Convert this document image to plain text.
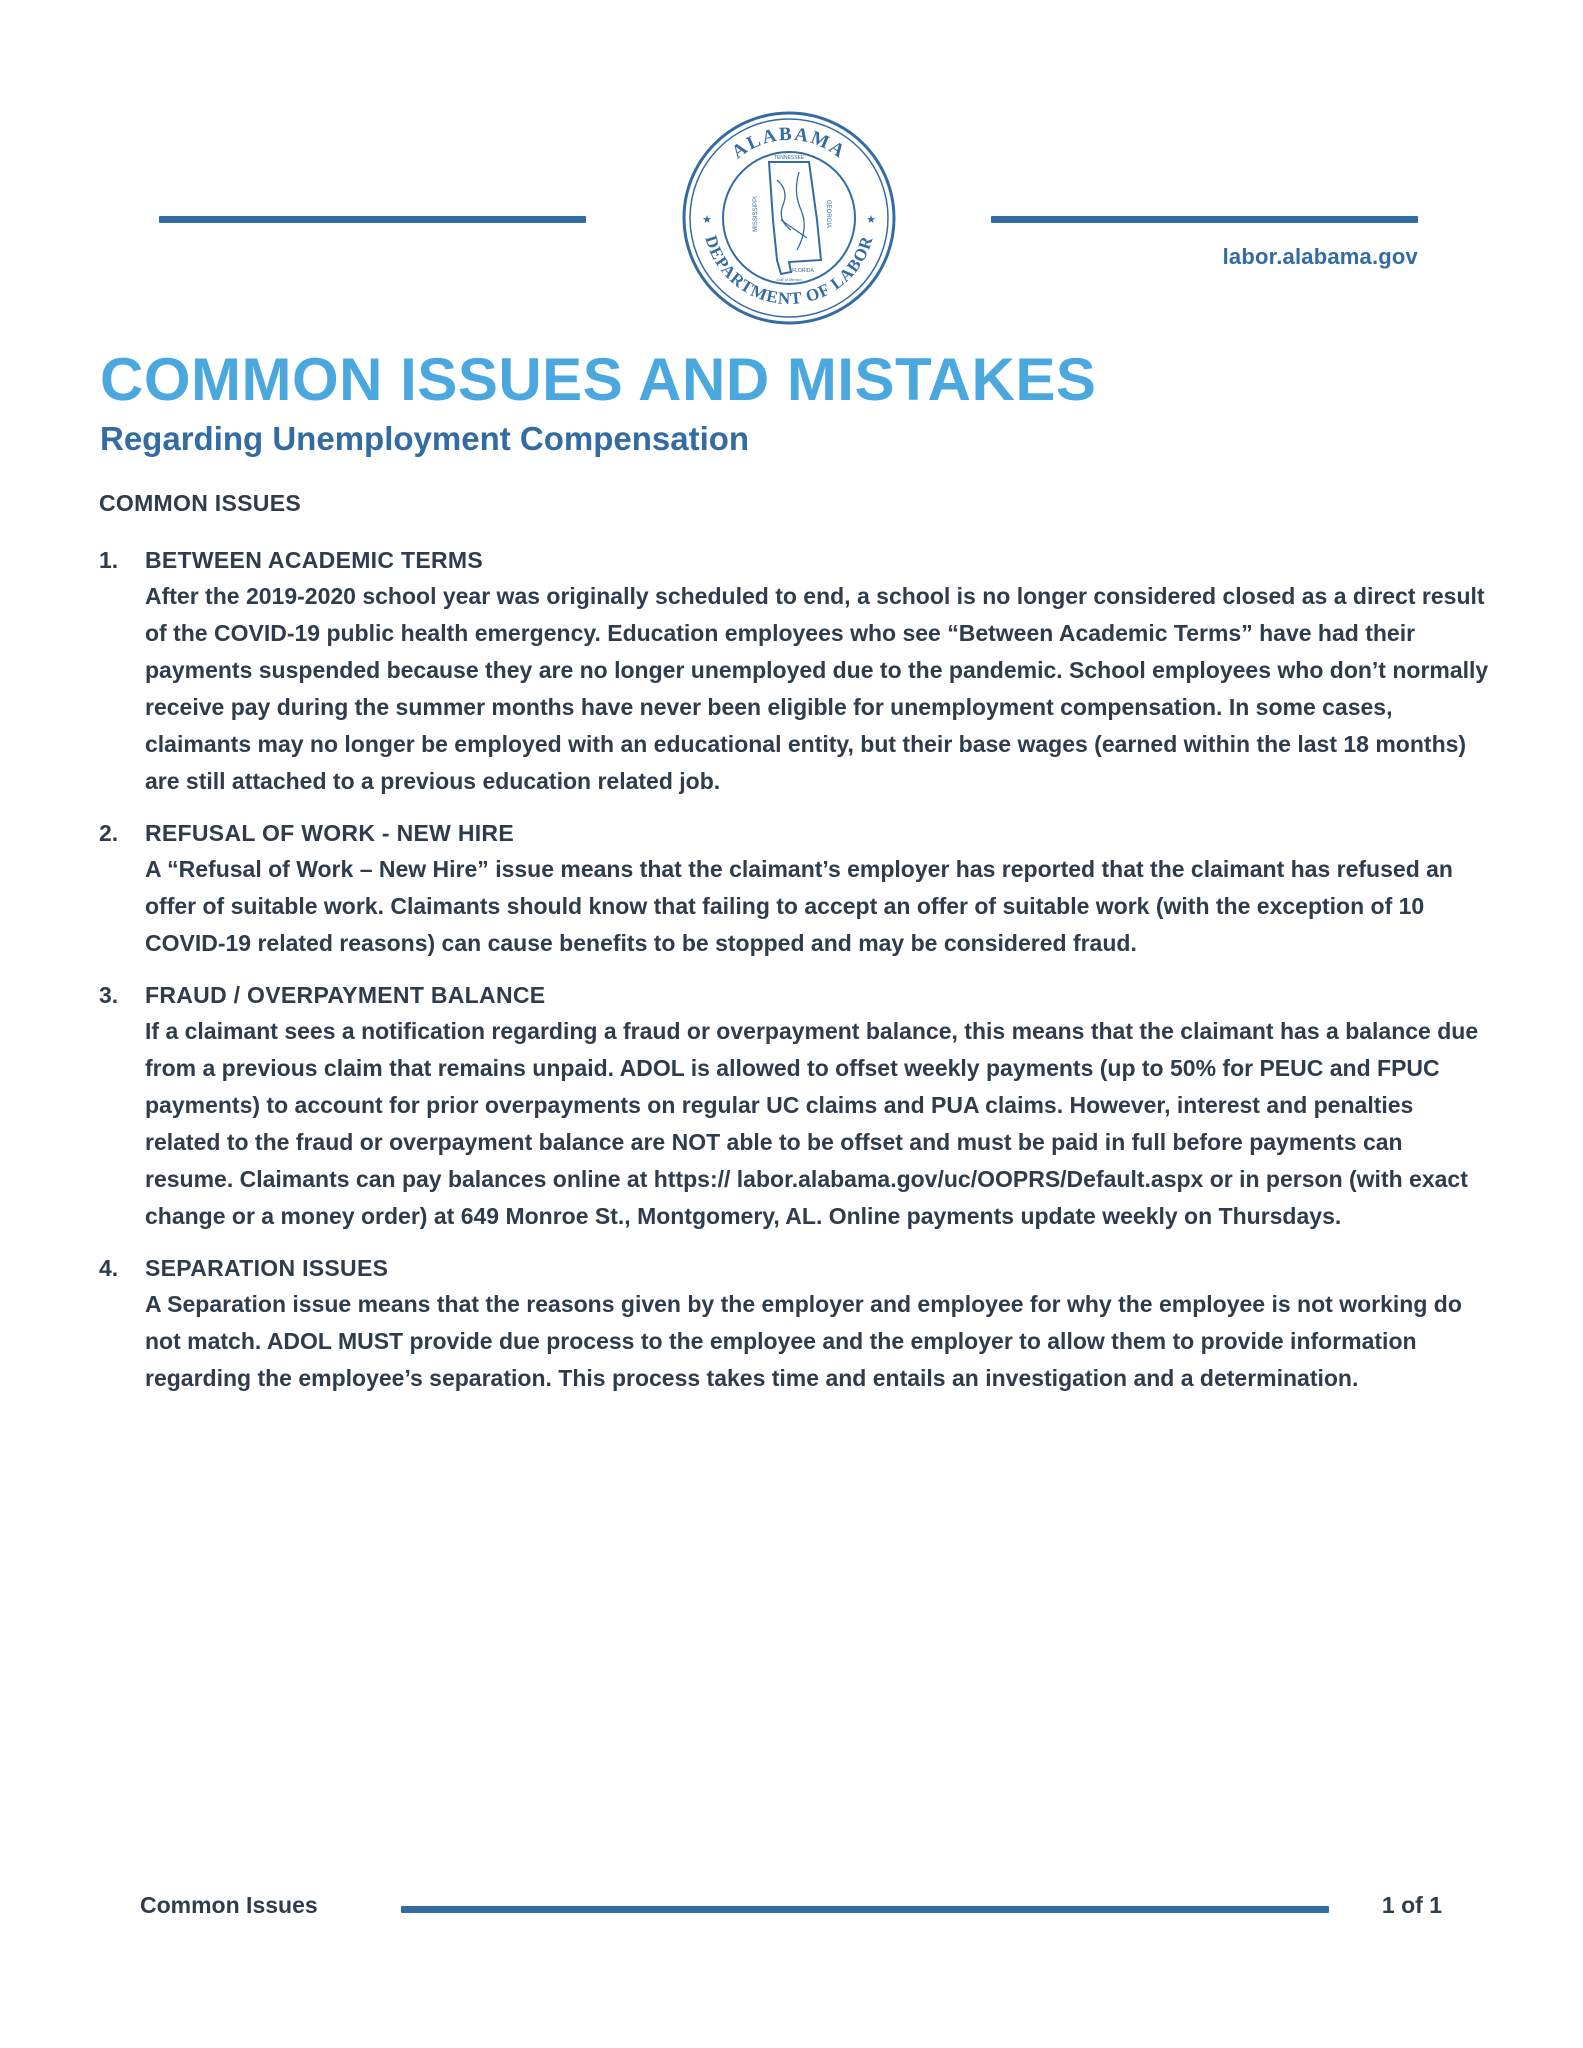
ALABAMA
DEPARTMENT OF LABOR
★	★
TENNESSEE
MISSISSIPPI	GEORGIA
FLORIDA
Gulf of Mexico
labor.alabama.gov
COMMON ISSUES AND MISTAKES
Regarding Unemployment Compensation
COMMON ISSUES
1. BETWEEN ACADEMIC TERMS
After the 2019-2020 school year was originally scheduled to end, a school is no longer considered closed as a direct result of the COVID-19 public health emergency. Education employees who see “Between Academic Terms” have had their payments suspended because they are no longer unemployed due to the pandemic. School employees who don’t normally receive pay during the summer months have never been eligible for unemployment compensation. In some cases, claimants may no longer be employed with an educational entity, but their base wages (earned within the last 18 months) are still attached to a previous education related job.
2. REFUSAL OF WORK - NEW HIRE
A “Refusal of Work – New Hire” issue means that the claimant’s employer has reported that the claimant has refused an offer of suitable work. Claimants should know that failing to accept an offer of suitable work (with the exception of 10 COVID-19 related reasons) can cause benefits to be stopped and may be considered fraud.
3. FRAUD / OVERPAYMENT BALANCE
If a claimant sees a notification regarding a fraud or overpayment balance, this means that the claimant has a balance due from a previous claim that remains unpaid. ADOL is allowed to offset weekly payments (up to 50% for PEUC and FPUC payments) to account for prior overpayments on regular UC claims and PUA claims. However, interest and penalties related to the fraud or overpayment balance are NOT able to be offset and must be paid in full before payments can resume. Claimants can pay balances online at https:// labor.alabama.gov/uc/OOPRS/Default.aspx or in person (with exact change or a money order) at 649 Monroe St., Montgomery, AL. Online payments update weekly on Thursdays.
4. SEPARATION ISSUES
A Separation issue means that the reasons given by the employer and employee for why the employee is not working do not match. ADOL MUST provide due process to the employee and the employer to allow them to provide information regarding the employee’s separation. This process takes time and entails an investigation and a determination.
Common Issues	1 of 1
